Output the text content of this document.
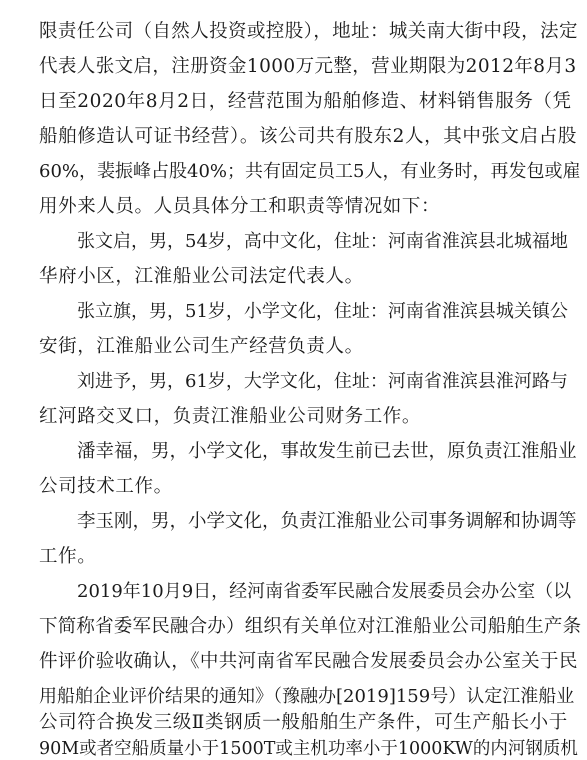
限责任公司（自然人投资或控股），地址：城关南大街中段，法定
代表人张文启，注册资金1000万元整，营业期限为2012年8月3
日至2020年8月2日，经营范围为船舶修造、材料销售服务（凭
船舶修造认可证书经营）。该公司共有股东2人，其中张文启占股
60%，裴振峰占股40%；共有固定员工5人，有业务时，再发包或雇
用外来人员。人员具体分工和职责等情况如下：
张文启，男，54岁，高中文化，住址：河南省淮滨县北城福地
华府小区，江淮船业公司法定代表人。
张立旗，男，51岁，小学文化，住址：河南省淮滨县城关镇公
安街，江淮船业公司生产经营负责人。
刘进予，男，61岁，大学文化，住址：河南省淮滨县淮河路与
红河路交叉口，负责江淮船业公司财务工作。
潘幸福，男，小学文化，事故发生前已去世，原负责江淮船业
公司技术工作。
李玉刚，男，小学文化，负责江淮船业公司事务调解和协调等
工作。
2019年10月9日，经河南省委军民融合发展委员会办公室（以
下简称省委军民融合办）组织有关单位对江淮船业公司船舶生产条
件评价验收确认，《中共河南省军民融合发展委员会办公室关于民
用船舶企业评价结果的通知》（豫融办[2019]159号）认定江淮船业
公司符合换发三级Ⅱ类钢质一般船舶生产条件，可生产船长小于
90M或者空船质量小于1500T或主机功率小于1000KW的内河钢质机
